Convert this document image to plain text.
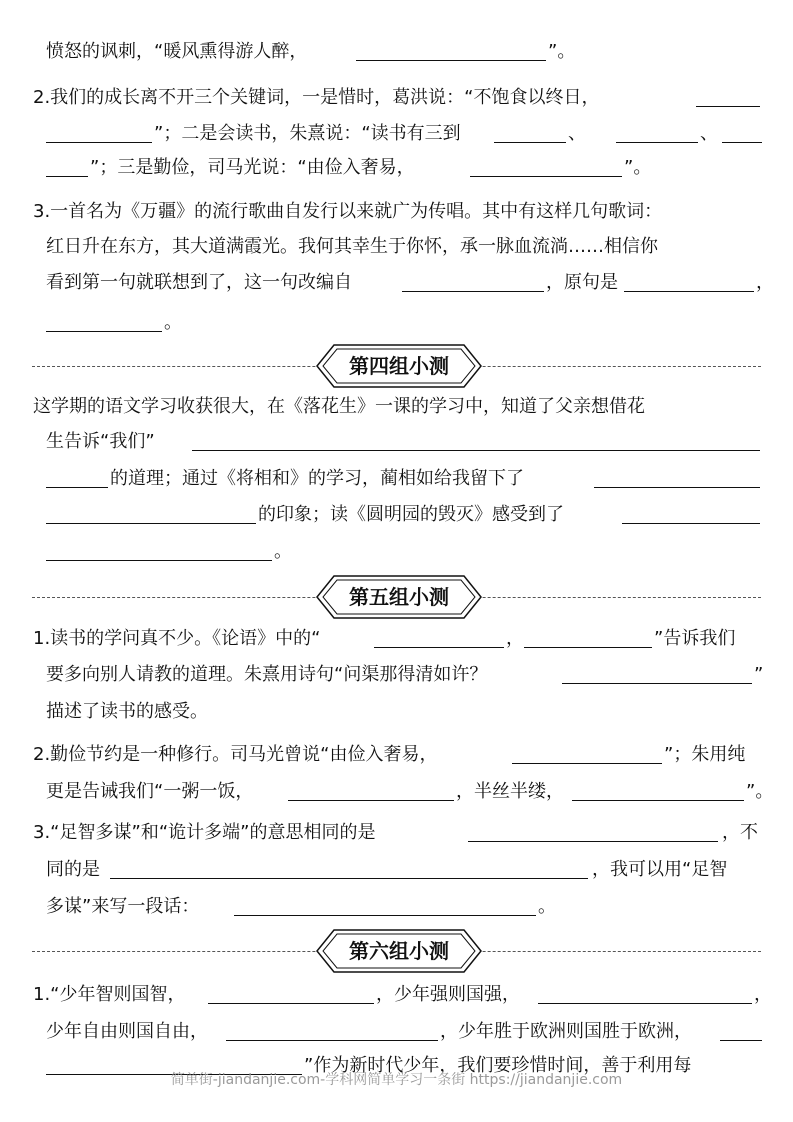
愤怒的讽刺，“暖风熏得游人醉，	”。
2.我们的成长离不开三个关键词，一是惜时，葛洪说：“不饱食以终日，
”；二是会读书，朱熹说：“读书有三到	、	、
”；三是勤俭，司马光说：“由俭入奢易，	”。
3.一首名为《万疆》的流行歌曲自发行以来就广为传唱。其中有这样几句歌词：
红日升在东方，其大道满霞光。我何其幸生于你怀，承一脉血流淌……相信你
看到第一句就联想到了，这一句改编自	，原句是	，
。
第四组小测
这学期的语文学习收获很大，在《落花生》一课的学习中，知道了父亲想借花
生告诉“我们”
的道理；通过《将相和》的学习，蔺相如给我留下了
的印象；读《圆明园的毁灭》感受到了
。
第五组小测
1.读书的学问真不少。《论语》中的“	，	”告诉我们
要多向别人请教的道理。朱熹用诗句“问渠那得清如许？	”
描述了读书的感受。
2.勤俭节约是一种修行。司马光曾说“由俭入奢易，	”；朱用纯
更是告诫我们“一粥一饭，	，半丝半缕，	”。
3.“足智多谋”和“诡计多端”的意思相同的是	，不
同的是	，我可以用“足智
多谋”来写一段话：	。
第六组小测
1.“少年智则国智，	，少年强则国强，	，
少年自由则国自由，	，少年胜于欧洲则国胜于欧洲，
”作为新时代少年，我们要珍惜时间，善于利用每
简单街-jiandanjie.com-学科网简单学习一条街 https://jiandanjie.com
